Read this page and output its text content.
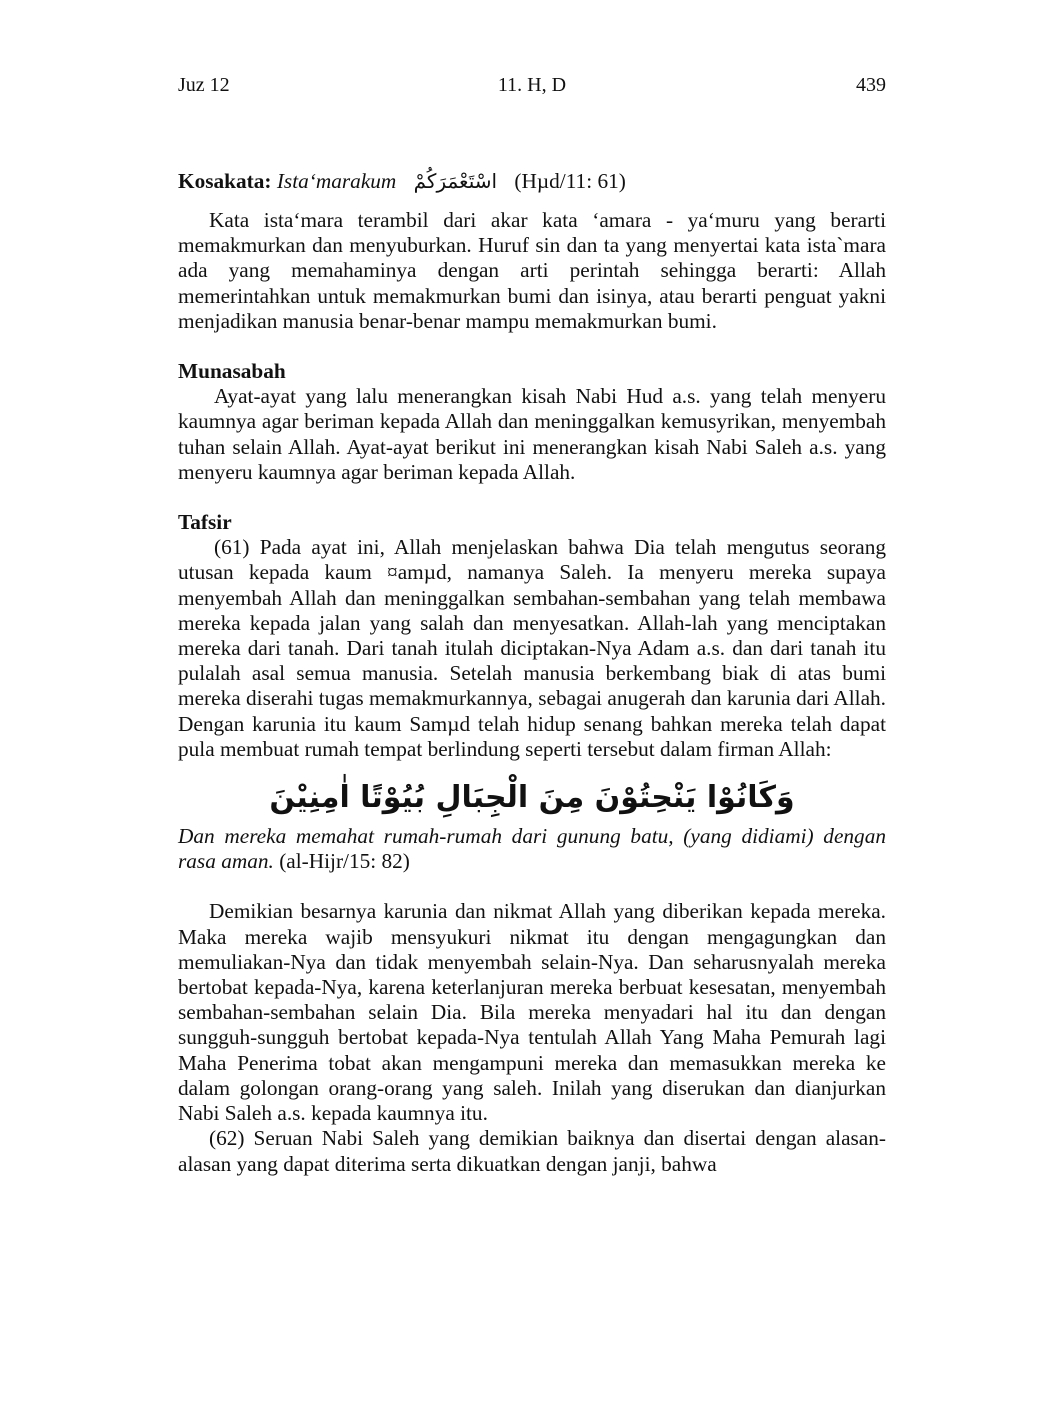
Juz 12	11. H, D	439
Kosakata: Ista‘marakum اسْتَعْمَرَكُمْ (Hµd/11: 61)

Kata ista‘mara terambil dari akar kata ‘amara - ya‘muru yang berarti memakmurkan dan menyuburkan. Huruf sin dan ta yang menyertai kata ista`mara ada yang memahaminya dengan arti perintah sehingga berarti: Allah memerintahkan untuk memakmurkan bumi dan isinya, atau berarti penguat yakni menjadikan manusia benar-benar mampu memakmurkan bumi.

Munasabah

Ayat-ayat yang lalu menerangkan kisah Nabi Hud a.s. yang telah menyeru kaumnya agar beriman kepada Allah dan meninggalkan kemusyrikan, menyembah tuhan selain Allah. Ayat-ayat berikut ini menerangkan kisah Nabi Saleh a.s. yang menyeru kaumnya agar beriman kepada Allah.

Tafsir

(61) Pada ayat ini, Allah menjelaskan bahwa Dia telah mengutus seorang utusan kepada kaum ¤amµd, namanya Saleh. Ia menyeru mereka supaya menyembah Allah dan meninggalkan sembahan-sembahan yang telah membawa mereka kepada jalan yang salah dan menyesatkan. Allah-lah yang menciptakan mereka dari tanah. Dari tanah itulah diciptakan-Nya Adam a.s. dan dari tanah itu pulalah asal semua manusia. Setelah manusia berkembang biak di atas bumi mereka diserahi tugas memakmurkannya, sebagai anugerah dan karunia dari Allah. Dengan karunia itu kaum Samµd telah hidup senang bahkan mereka telah dapat pula membuat rumah tempat berlindung seperti tersebut dalam firman Allah:

وَكَانُوْا يَنْحِتُوْنَ مِنَ الْجِبَالِ بُيُوْتًا اٰمِنِيْنَ

Dan mereka memahat rumah-rumah dari gunung batu, (yang didiami) dengan rasa aman. (al-Hijr/15: 82)

Demikian besarnya karunia dan nikmat Allah yang diberikan kepada mereka. Maka mereka wajib mensyukuri nikmat itu dengan mengagungkan dan memuliakan-Nya dan tidak menyembah selain-Nya. Dan seharusnyalah mereka bertobat kepada-Nya, karena keterlanjuran mereka berbuat kesesatan, menyembah sembahan-sembahan selain Dia. Bila mereka menyadari hal itu dan dengan sungguh-sungguh bertobat kepada-Nya tentulah Allah Yang Maha Pemurah lagi Maha Penerima tobat akan mengampuni mereka dan memasukkan mereka ke dalam golongan orang-orang yang saleh. Inilah yang diserukan dan dianjurkan Nabi Saleh a.s. kepada kaumnya itu.

(62) Seruan Nabi Saleh yang demikian baiknya dan disertai dengan alasan-alasan yang dapat diterima serta dikuatkan dengan janji, bahwa
